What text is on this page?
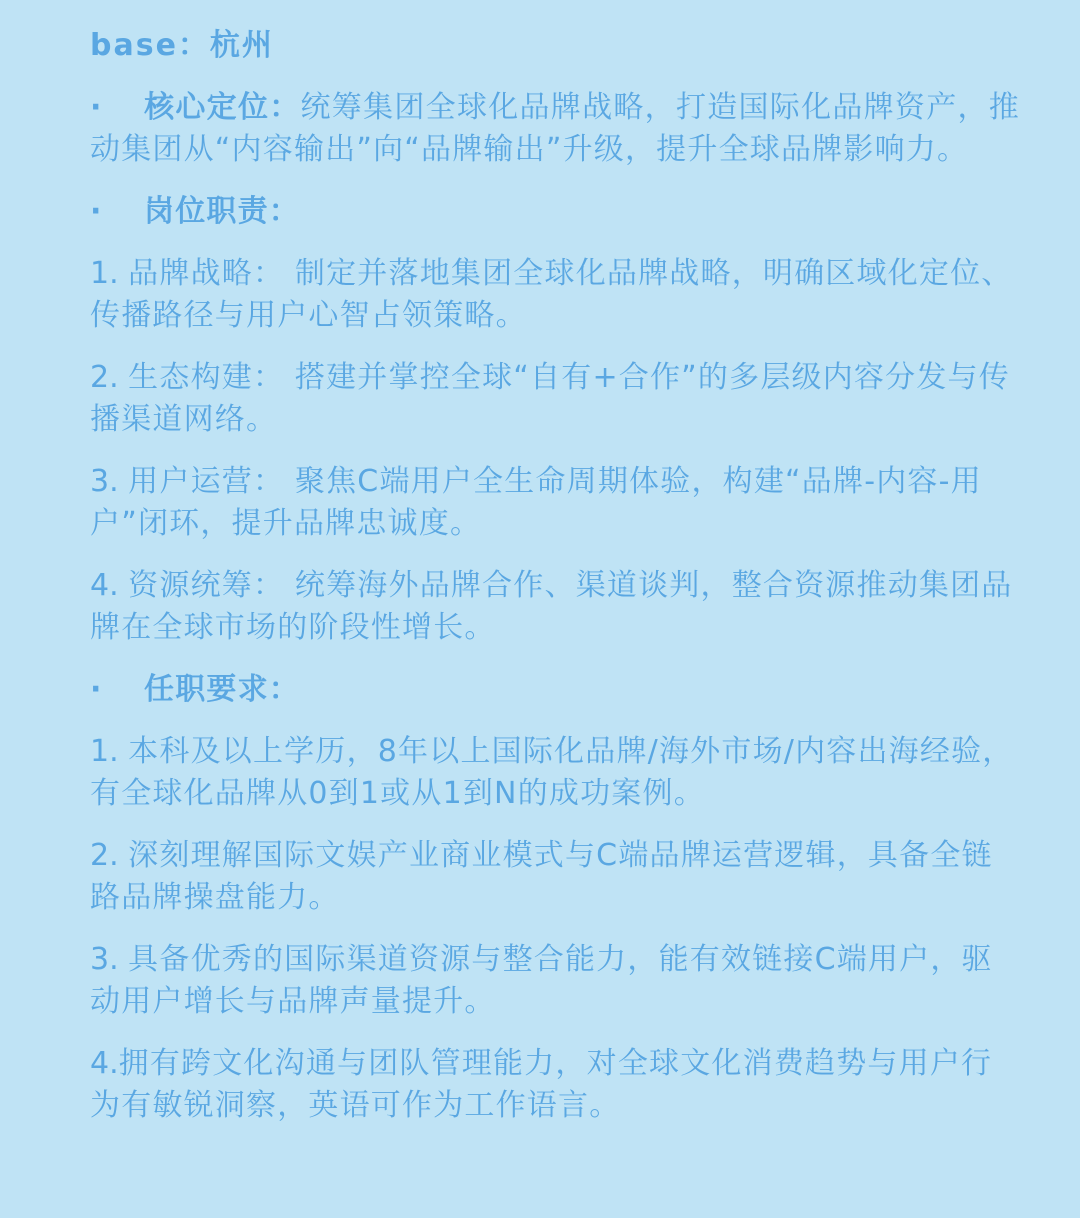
base：杭州
· 核心定位：统筹集团全球化品牌战略，打造国际化品牌资产，推动集团从“内容输出”向“品牌输出”升级，提升全球品牌影响力。
· 岗位职责：
1. 品牌战略： 制定并落地集团全球化品牌战略，明确区域化定位、传播路径与用户心智占领策略。
2. 生态构建： 搭建并掌控全球“自有+合作”的多层级内容分发与传播渠道网络。
3. 用户运营： 聚焦C端用户全生命周期体验，构建“品牌-内容-用户”闭环，提升品牌忠诚度。
4. 资源统筹： 统筹海外品牌合作、渠道谈判，整合资源推动集团品牌在全球市场的阶段性增长。
· 任职要求：
1. 本科及以上学历，8年以上国际化品牌/海外市场/内容出海经验，有全球化品牌从0到1或从1到N的成功案例。
2. 深刻理解国际文娱产业商业模式与C端品牌运营逻辑，具备全链路品牌操盘能力。
3. 具备优秀的国际渠道资源与整合能力，能有效链接C端用户，驱动用户增长与品牌声量提升。
4.拥有跨文化沟通与团队管理能力，对全球文化消费趋势与用户行为有敏锐洞察，英语可作为工作语言。
